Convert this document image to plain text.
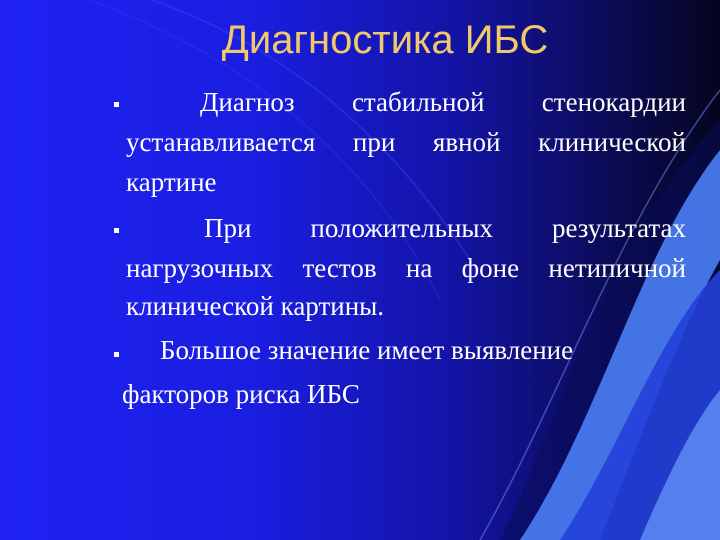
Диагностика ИБС
Диагноз стабильной стенокардии
устанавливается при явной клинической
картине
При положительных результатах
нагрузочных тестов на фоне нетипичной
клинической картины.
Большое значение имеет выявление
факторов риска ИБС
